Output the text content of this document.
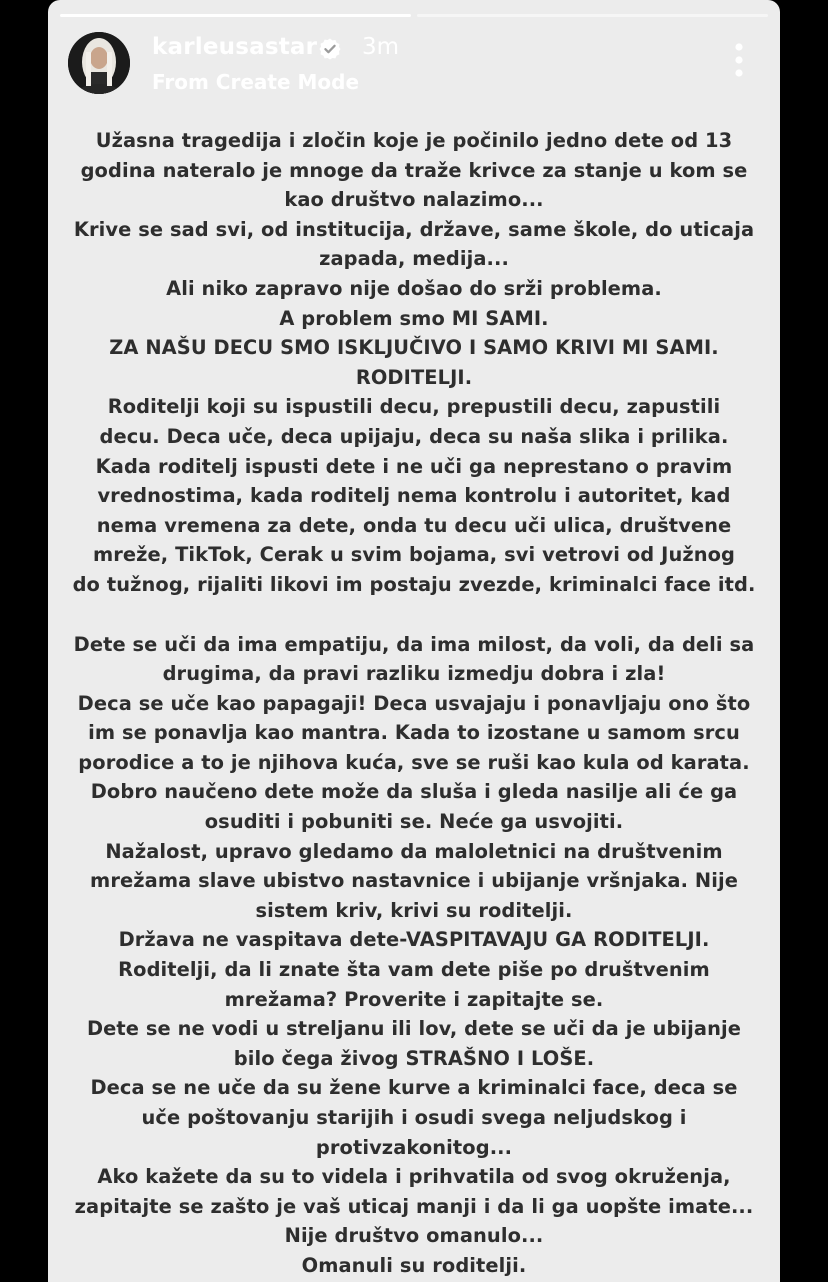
karleusastar 3m
From Create Mode
Užasna tragedija i zločin koje je počinilo jedno dete od 13
godina nateralo je mnoge da traže krivce za stanje u kom se
kao društvo nalazimo...
Krive se sad svi, od institucija, države, same škole, do uticaja
zapada, medija...
Ali niko zapravo nije došao do srži problema.
A problem smo MI SAMI.
ZA NAŠU DECU SMO ISKLJUČIVO I SAMO KRIVI MI SAMI.
RODITELJI.
Roditelji koji su ispustili decu, prepustili decu, zapustili
decu. Deca uče, deca upijaju, deca su naša slika i prilika.
Kada roditelj ispusti dete i ne uči ga neprestano o pravim
vrednostima, kada roditelj nema kontrolu i autoritet, kad
nema vremena za dete, onda tu decu uči ulica, društvene
mreže, TikTok, Cerak u svim bojama, svi vetrovi od Južnog
do tužnog, rijaliti likovi im postaju zvezde, kriminalci face itd.
Dete se uči da ima empatiju, da ima milost, da voli, da deli sa
drugima, da pravi razliku izmedju dobra i zla!
Deca se uče kao papagaji! Deca usvajaju i ponavljaju ono što
im se ponavlja kao mantra. Kada to izostane u samom srcu
porodice a to je njihova kuća, sve se ruši kao kula od karata.
Dobro naučeno dete može da sluša i gleda nasilje ali će ga
osuditi i pobuniti se. Neće ga usvojiti.
Nažalost, upravo gledamo da maloletnici na društvenim
mrežama slave ubistvo nastavnice i ubijanje vršnjaka. Nije
sistem kriv, krivi su roditelji.
Država ne vaspitava dete-VASPITAVAJU GA RODITELJI.
Roditelji, da li znate šta vam dete piše po društvenim
mrežama? Proverite i zapitajte se.
Dete se ne vodi u streljanu ili lov, dete se uči da je ubijanje
bilo čega živog STRAŠNO I LOŠE.
Deca se ne uče da su žene kurve a kriminalci face, deca se
uče poštovanju starijih i osudi svega neljudskog i
protivzakonitog...
Ako kažete da su to videla i prihvatila od svog okruženja,
zapitajte se zašto je vaš uticaj manji i da li ga uopšte imate...
Nije društvo omanulo...
Omanuli su roditelji.
